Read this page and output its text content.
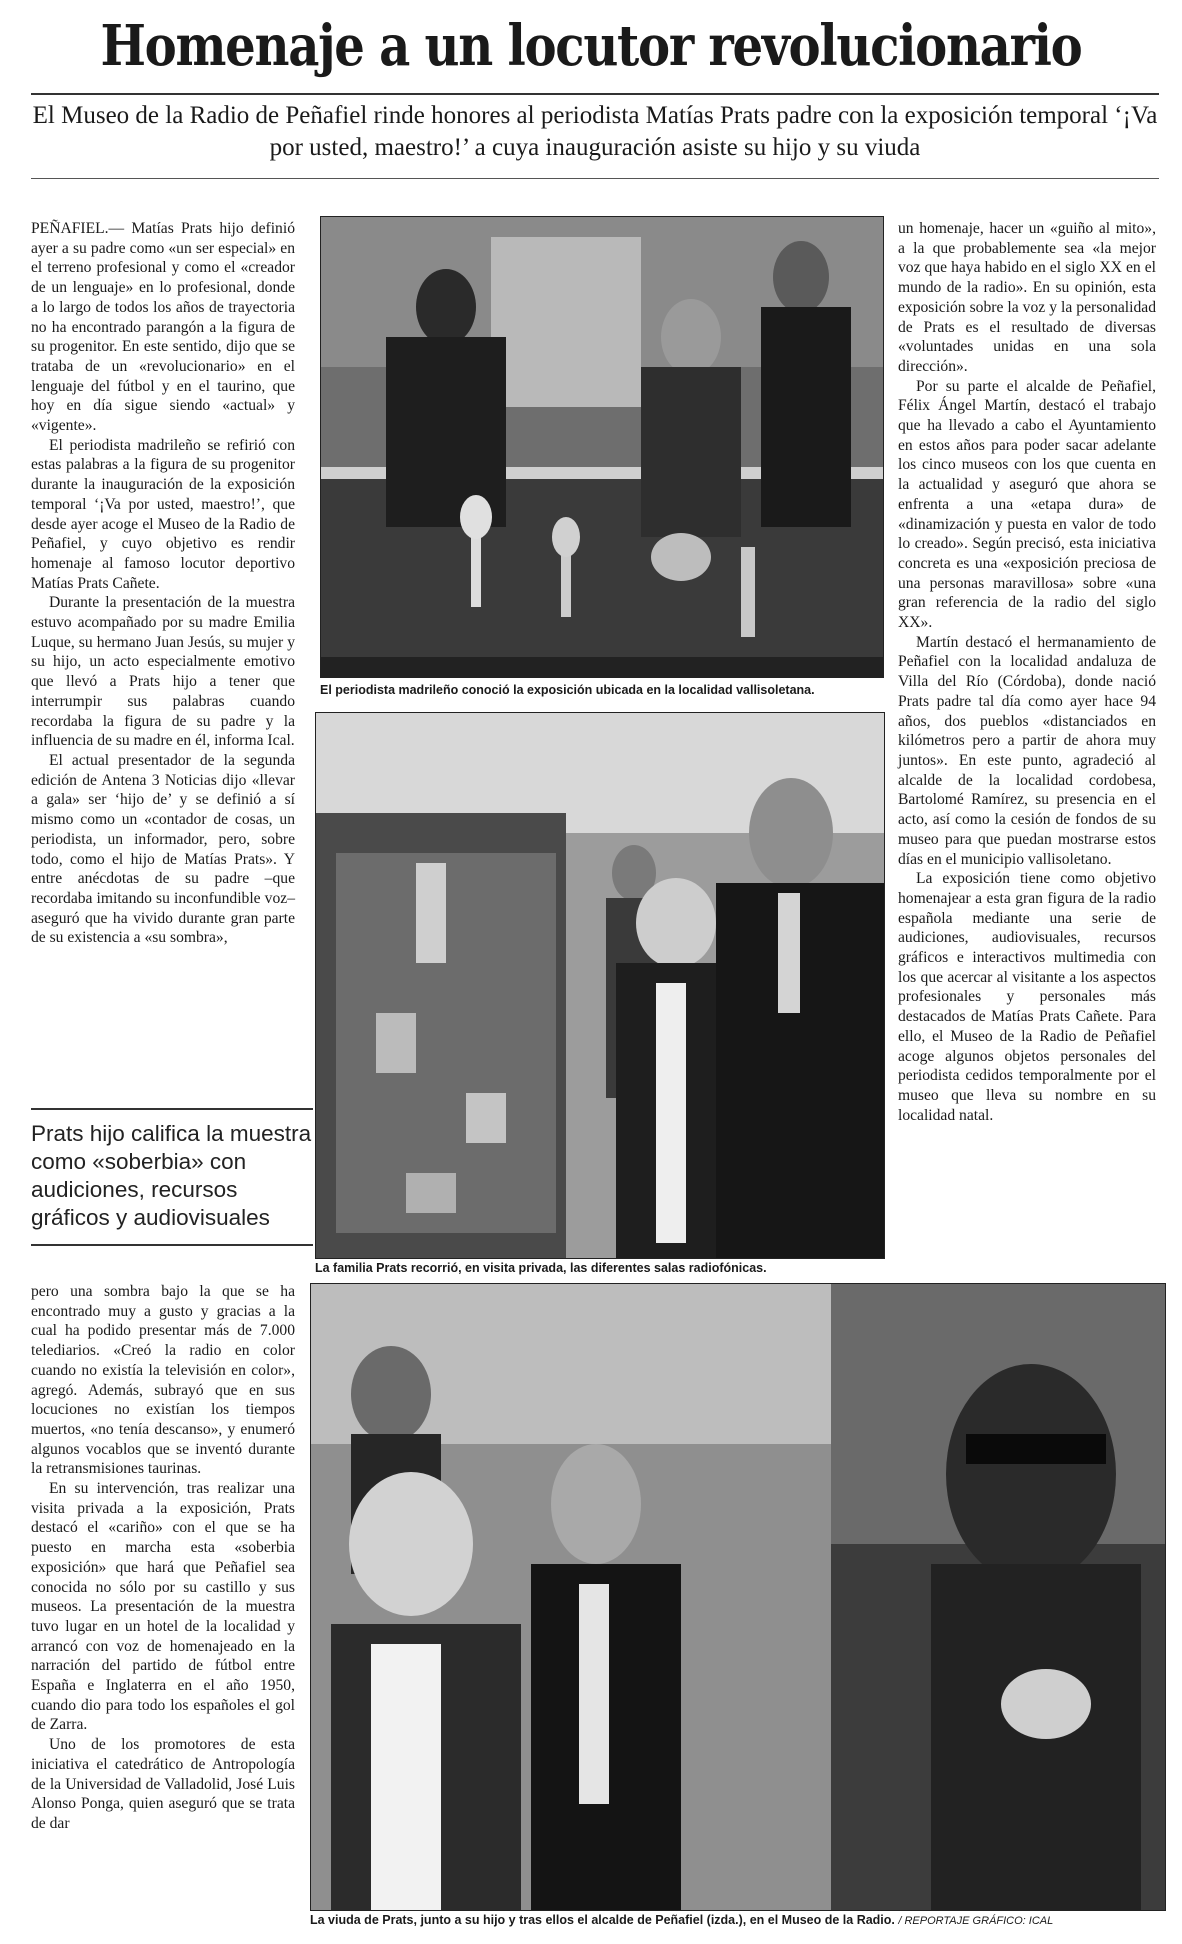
Homenaje a un locutor revolucionario
El Museo de la Radio de Peñafiel rinde honores al periodista Matías Prats padre con la exposición temporal ‘¡Va por usted, maestro!’ a cuya inauguración asiste su hijo y su viuda

PEÑAFIEL.— Matías Prats hijo definió ayer a su padre como «un ser especial» en el terreno profesional y como el «creador de un lenguaje» en lo profesional, donde a lo largo de todos los años de trayectoria no ha encontrado parangón a la figura de su progenitor. En este sentido, dijo que se trataba de un «revolucionario» en el lenguaje del fútbol y en el taurino, que hoy en día sigue siendo «actual» y «vigente».

El periodista madrileño se refirió con estas palabras a la figura de su progenitor durante la inauguración de la exposición temporal ‘¡Va por usted, maestro!’, que desde ayer acoge el Museo de la Radio de Peñafiel, y cuyo objetivo es rendir homenaje al famoso locutor deportivo Matías Prats Cañete.

Durante la presentación de la muestra estuvo acompañado por su madre Emilia Luque, su hermano Juan Jesús, su mujer y su hijo, un acto especialmente emotivo que llevó a Prats hijo a tener que interrumpir sus palabras cuando recordaba la figura de su padre y la influencia de su madre en él, informa Ical.

El actual presentador de la segunda edición de Antena 3 Noticias dijo «llevar a gala» ser ‘hijo de’ y se definió a sí mismo como un «contador de cosas, un periodista, un informador, pero, sobre todo, como el hijo de Matías Prats». Y entre anécdotas de su padre –que recordaba imitando su inconfundible voz– aseguró que ha vivido durante gran parte de su existencia a «su sombra»,

Prats hijo califica la muestra como «soberbia» con audiciones, recursos gráficos y audiovisuales

pero una sombra bajo la que se ha encontrado muy a gusto y gracias a la cual ha podido presentar más de 7.000 telediarios. «Creó la radio en color cuando no existía la televisión en color», agregó. Además, subrayó que en sus locuciones no existían los tiempos muertos, «no tenía descanso», y enumeró algunos vocablos que se inventó durante la retransmisiones taurinas.

En su intervención, tras realizar una visita privada a la exposición, Prats destacó el «cariño» con el que se ha puesto en marcha esta «soberbia exposición» que hará que Peñafiel sea conocida no sólo por su castillo y sus museos. La presentación de la muestra tuvo lugar en un hotel de la localidad y arrancó con voz de homenajeado en la narración del partido de fútbol entre España e Inglaterra en el año 1950, cuando dio para todo los españoles el gol de Zarra.

Uno de los promotores de esta iniciativa el catedrático de Antropología de la Universidad de Valladolid, José Luis Alonso Ponga, quien aseguró que se trata de dar

un homenaje, hacer un «guiño al mito», a la que probablemente sea «la mejor voz que haya habido en el siglo XX en el mundo de la radio». En su opinión, esta exposición sobre la voz y la personalidad de Prats es el resultado de diversas «voluntades unidas en una sola dirección».

Por su parte el alcalde de Peñafiel, Félix Ángel Martín, destacó el trabajo que ha llevado a cabo el Ayuntamiento en estos años para poder sacar adelante los cinco museos con los que cuenta en la actualidad y aseguró que ahora se enfrenta a una «etapa dura» de «dinamización y puesta en valor de todo lo creado». Según precisó, esta iniciativa concreta es una «exposición preciosa de una personas maravillosa» sobre «una gran referencia de la radio del siglo XX».

Martín destacó el hermanamiento de Peñafiel con la localidad andaluza de Villa del Río (Córdoba), donde nació Prats padre tal día como ayer hace 94 años, dos pueblos «distanciados en kilómetros pero a partir de ahora muy juntos». En este punto, agradeció al alcalde de la localidad cordobesa, Bartolomé Ramírez, su presencia en el acto, así como la cesión de fondos de su museo para que puedan mostrarse estos días en el municipio vallisoletano.

La exposición tiene como objetivo homenajear a esta gran figura de la radio española mediante una serie de audiciones, audiovisuales, recursos gráficos e interactivos multimedia con los que acercar al visitante a los aspectos profesionales y personales más destacados de Matías Prats Cañete. Para ello, el Museo de la Radio de Peñafiel acoge algunos objetos personales del periodista cedidos temporalmente por el museo que lleva su nombre en su localidad natal.

El periodista madrileño conoció la exposición ubicada en la localidad vallisoletana.
La familia Prats recorrió, en visita privada, las diferentes salas radiofónicas.
La viuda de Prats, junto a su hijo y tras ellos el alcalde de Peñafiel (izda.), en el Museo de la Radio. / REPORTAJE GRÁFICO: ICAL
